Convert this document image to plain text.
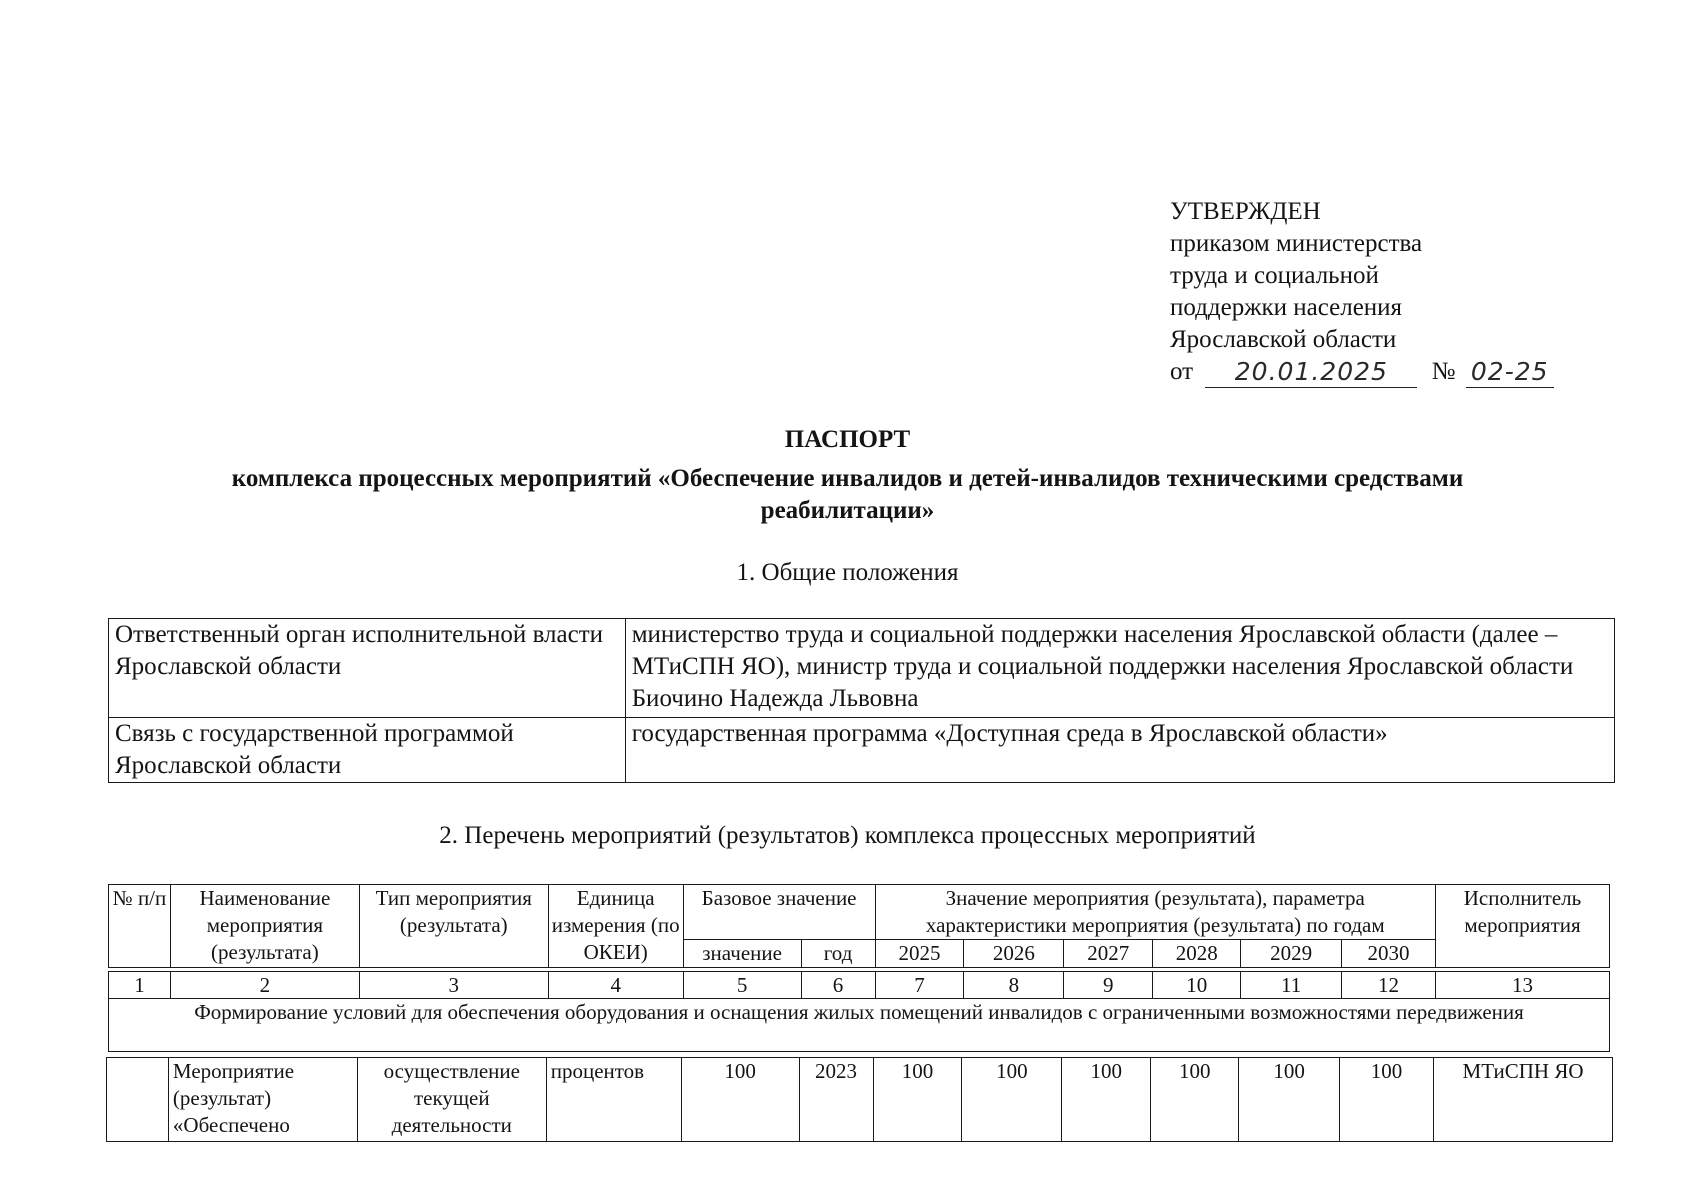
УТВЕРЖДЕН
приказом министерства
труда и социальной
поддержки населения
Ярославской области
от 20.01.2025 № 02-25
ПАСПОРТ
комплекса процессных мероприятий «Обеспечение инвалидов и детей-инвалидов техническими средствами
реабилитации»
1. Общие положения
Ответственный орган исполнительной власти Ярославской области	министерство труда и социальной поддержки населения Ярославской области (далее – МТиСПН ЯО), министр труда и социальной поддержки населения Ярославской области Биочино Надежда Львовна
Связь с государственной программой Ярославской области	государственная программа «Доступная среда в Ярославской области»
2. Перечень мероприятий (результатов) комплекса процессных мероприятий
№ п/п	Наименование мероприятия (результата)	Тип мероприятия (результата)	Единица измерения (по ОКЕИ)	Базовое значение		Значение мероприятия (результата), параметра характеристики мероприятия (результата) по годам						Исполнитель мероприятия
				значение	год	2025	2026	2027	2028	2029	2030	

1	2	3	4	5	6	7	8	9	10	11	12	13
Формирование условий для обеспечения оборудования и оснащения жилых помещений инвалидов с ограниченными возможностями передвижения												
	Мероприятие (результат) «Обеспечено	осуществление текущей деятельности	процентов	100	2023	100	100	100	100	100	100	МТиСПН ЯО
